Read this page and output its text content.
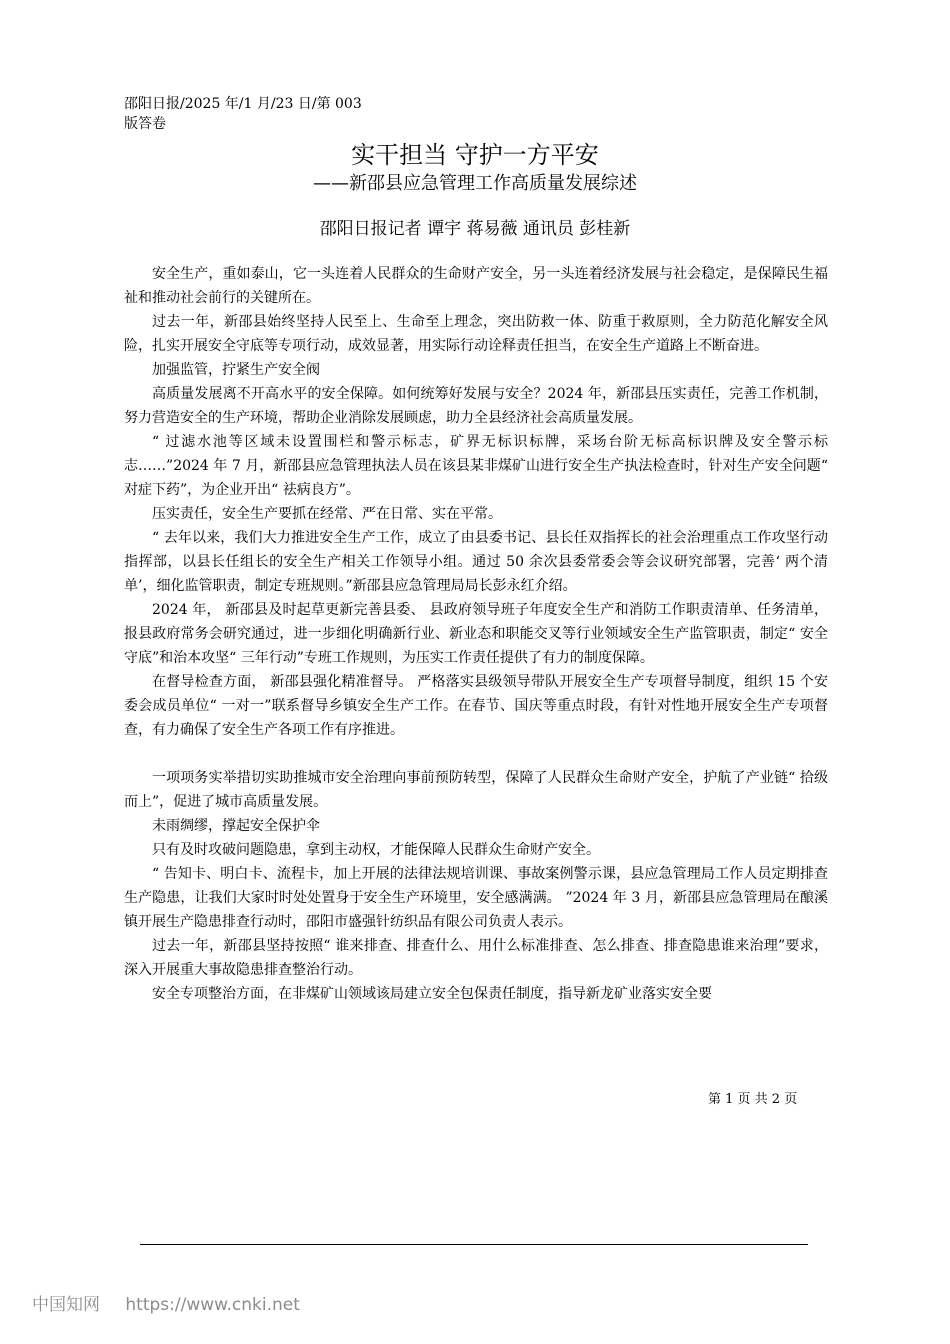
邵阳日报/2025 年/1 月/23 日/第 003
版答卷
实干担当 守护一方平安
——新邵县应急管理工作高质量发展综述
邵阳日报记者 谭宇 蒋易薇 通讯员 彭桂新

安全生产，重如泰山，它一头连着人民群众的生命财产安全，另一头连着经济发展与社会稳定，是保障民生福祉和推动社会前行的关键所在。

过去一年，新邵县始终坚持人民至上、生命至上理念，突出防救一体、防重于救原则，全力防范化解安全风险，扎实开展安全守底等专项行动，成效显著，用实际行动诠释责任担当，在安全生产道路上不断奋进。

加强监管，拧紧生产安全阀

高质量发展离不开高水平的安全保障。如何统筹好发展与安全？2024 年，新邵县压实责任，完善工作机制，努力营造安全的生产环境，帮助企业消除发展顾虑，助力全县经济社会高质量发展。

“ 过滤水池等区域未设置围栏和警示标志，矿界无标识标牌，采场台阶无标高标识牌及安全警示标志……”2024 年 7 月，新邵县应急管理执法人员在该县某非煤矿山进行安全生产执法检查时，针对生产安全问题“ 对症下药”，为企业开出“ 祛病良方”。

压实责任，安全生产要抓在经常、严在日常、实在平常。

“ 去年以来，我们大力推进安全生产工作，成立了由县委书记、县长任双指挥长的社会治理重点工作攻坚行动指挥部，以县长任组长的安全生产相关工作领导小组。通过 50 余次县委常委会等会议研究部署，完善‘ 两个清单’，细化监管职责，制定专班规则。”新邵县应急管理局局长彭永红介绍。

2024 年， 新邵县及时起草更新完善县委、 县政府领导班子年度安全生产和消防工作职责清单、任务清单，报县政府常务会研究通过，进一步细化明确新行业、新业态和职能交叉等行业领域安全生产监管职责，制定“ 安全守底”和治本攻坚“ 三年行动”专班工作规则，为压实工作责任提供了有力的制度保障。

在督导检查方面， 新邵县强化精准督导。 严格落实县级领导带队开展安全生产专项督导制度，组织 15 个安委会成员单位“ 一对一”联系督导乡镇安全生产工作。在春节、国庆等重点时段，有针对性地开展安全生产专项督查，有力确保了安全生产各项工作有序推进。

一项项务实举措切实助推城市安全治理向事前预防转型，保障了人民群众生命财产安全，护航了产业链“ 拾级而上”，促进了城市高质量发展。

未雨绸缪，撑起安全保护伞

只有及时攻破问题隐患，拿到主动权，才能保障人民群众生命财产安全。

“ 告知卡、明白卡、流程卡，加上开展的法律法规培训课、事故案例警示课，县应急管理局工作人员定期排查生产隐患，让我们大家时时处处置身于安全生产环境里，安全感满满。 ”2024 年 3 月，新邵县应急管理局在酿溪镇开展生产隐患排查行动时，邵阳市盛强针纺织品有限公司负责人表示。

过去一年，新邵县坚持按照“ 谁来排查、排查什么、用什么标准排查、怎么排查、排查隐患谁来治理”要求，深入开展重大事故隐患排查整治行动。

安全专项整治方面，在非煤矿山领域该局建立安全包保责任制度，指导新龙矿业落实安全要

第 1 页 共 2 页
中国知网 https://www.cnki.net
